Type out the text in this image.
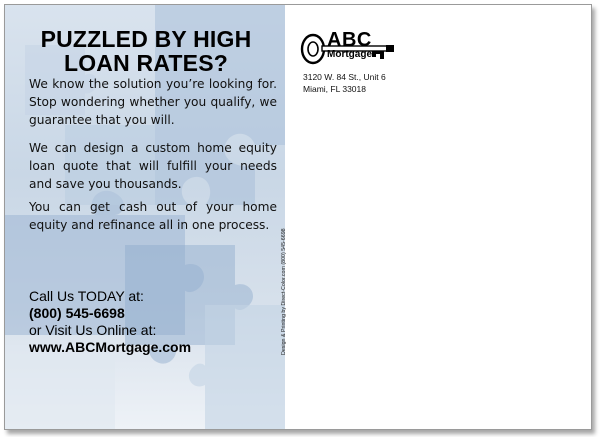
PUZZLED BY HIGH
LOAN RATES?
We know the solution you’re looking for. Stop wondering whether you qualify, we guarantee that you will.
We can design a custom home equity loan quote that will fulfill your needs and save you thousands.
You can get cash out of your home equity and refinance all in one process.
Call Us TODAY at:
(800) 545-6698
or Visit Us Online at:
www.ABCMortgage.com	Design & Printing by Direct-Color.com (800) 545-6698
ABC
Mortgage
3120 W. 84 St., Unit 6
Miami, FL 33018
